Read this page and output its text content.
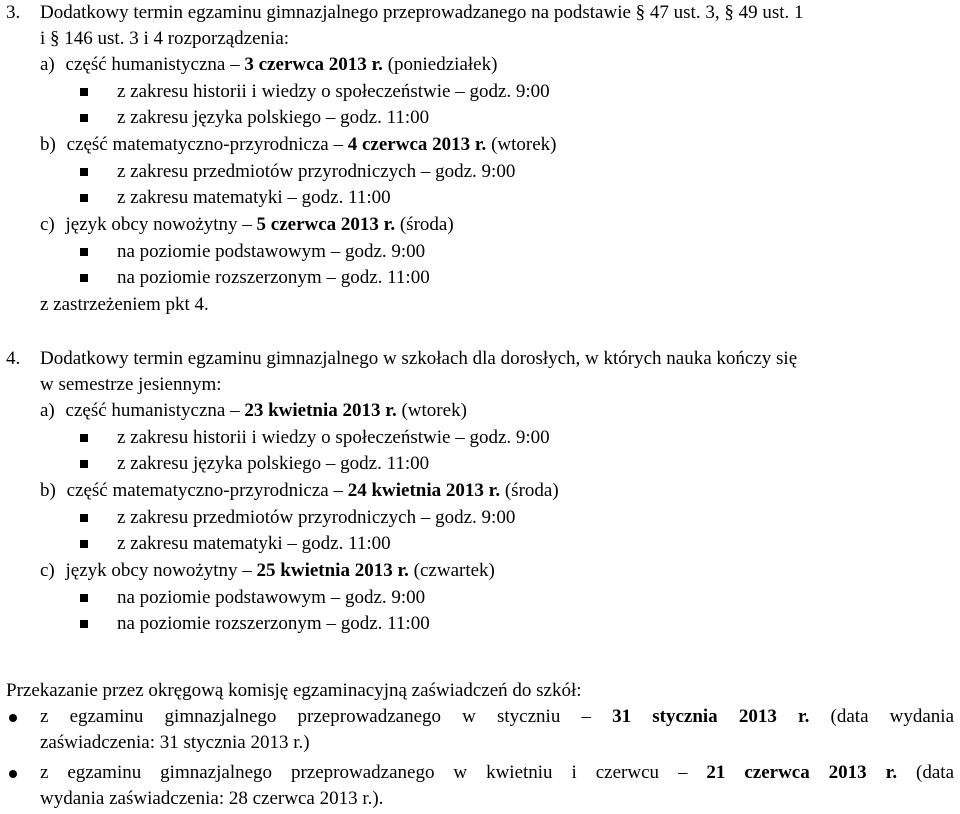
3. Dodatkowy termin egzaminu gimnazjalnego przeprowadzanego na podstawie § 47 ust. 3, § 49 ust. 1
i § 146 ust. 3 i 4 rozporządzenia:
a) część humanistyczna – 3 czerwca 2013 r. (poniedziałek)
z zakresu historii i wiedzy o społeczeństwie – godz. 9:00
z zakresu języka polskiego – godz. 11:00
b) część matematyczno-przyrodnicza – 4 czerwca 2013 r. (wtorek)
z zakresu przedmiotów przyrodniczych – godz. 9:00
z zakresu matematyki – godz. 11:00
c) język obcy nowożytny – 5 czerwca 2013 r. (środa)
na poziomie podstawowym – godz. 9:00
na poziomie rozszerzonym – godz. 11:00
z zastrzeżeniem pkt 4.
4. Dodatkowy termin egzaminu gimnazjalnego w szkołach dla dorosłych, w których nauka kończy się
w semestrze jesiennym:
a) część humanistyczna – 23 kwietnia 2013 r. (wtorek)
z zakresu historii i wiedzy o społeczeństwie – godz. 9:00
z zakresu języka polskiego – godz. 11:00
b) część matematyczno-przyrodnicza – 24 kwietnia 2013 r. (środa)
z zakresu przedmiotów przyrodniczych – godz. 9:00
z zakresu matematyki – godz. 11:00
c) język obcy nowożytny – 25 kwietnia 2013 r. (czwartek)
na poziomie podstawowym – godz. 9:00
na poziomie rozszerzonym – godz. 11:00
Przekazanie przez okręgową komisję egzaminacyjną zaświadczeń do szkół:
z egzaminu gimnazjalnego przeprowadzanego w styczniu – 31 stycznia 2013 r. (data wydania
zaświadczenia: 31 stycznia 2013 r.)
z egzaminu gimnazjalnego przeprowadzanego w kwietniu i czerwcu – 21 czerwca 2013 r. (data
wydania zaświadczenia: 28 czerwca 2013 r.).
